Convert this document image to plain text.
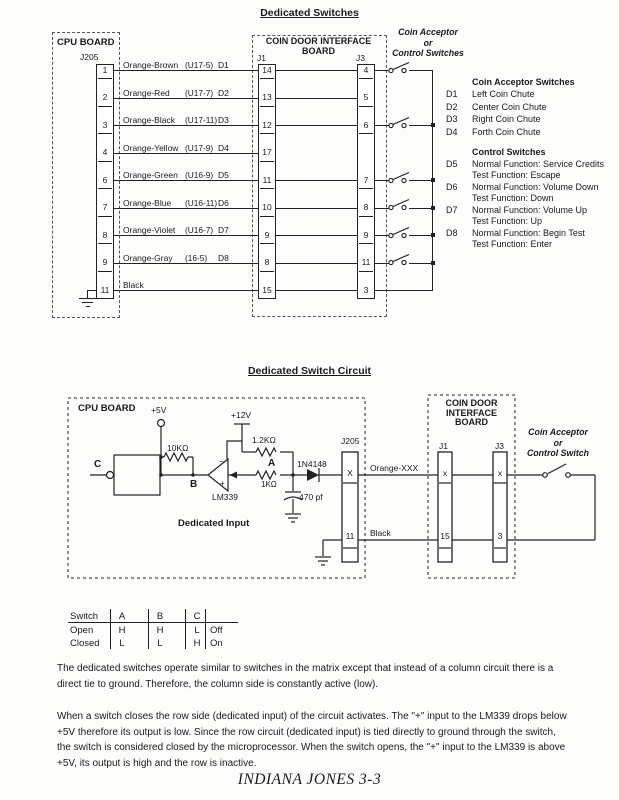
Dedicated Switches
CPU BOARD
J205
COIN DOOR INTERFACE
BOARD
J1	J3
Coin Acceptor
or
Control Switches
1	Orange-Brown (U17-5) D1	14	4
2	Orange-Red (U17-7) D2	13	5
3	Orange-Black (U17-11) D3	12	6
4	Orange-Yellow (U17-9) D4	17
6	Orange-Green (U16-9) D5	11	7
7	Orange-Blue (U16-11) D6	10	8
8	Orange-Violet (U16-7) D7	9	9
9	Orange-Gray (16-5) D8	8	11
11	Black	15	3
Coin Acceptor Switches
D1 Left Coin Chute
D2 Center Coin Chute
D3 Right Coin Chute
D4 Forth Coin Chute
Control Switches
D5 Normal Function: Service Credits
Test Function: Escape
D6 Normal Function: Volume Down
Test Function: Down
D7 Normal Function: Volume Up
Test Function: Up
D8 Normal Function: Begin Test
Test Function: Enter
Dedicated Switch Circuit
CPU BOARD +5V
10KΩ
C
B
−
+
LM339
+12V
1.2KΩ
A
1KΩ
1N4148
470 pf
J205
X
11
Orange-XXX
Black
Dedicated Input
COIN DOOR
INTERFACE
BOARD
J1	J3
x
15
x
3
Coin Acceptor
or
Control Switch
Switch	A	B	C
Open	H	H	L	Off
Closed	L	L	H	On
The dedicated switches operate similar to switches in the matrix except that instead of a column circuit there is a direct tie to ground. Therefore, the column side is constantly active (low).
When a switch closes the row side (dedicated input) of the circuit activates. The "+" input to the LM339 drops below +5V therefore its output is low. Since the row circuit (dedicated input) is tied directly to ground through the switch, the switch is considered closed by the microprocessor. When the switch opens, the "+" input to the LM339 is above +5V, its output is high and the row is inactive.
INDIANA JONES 3-3
